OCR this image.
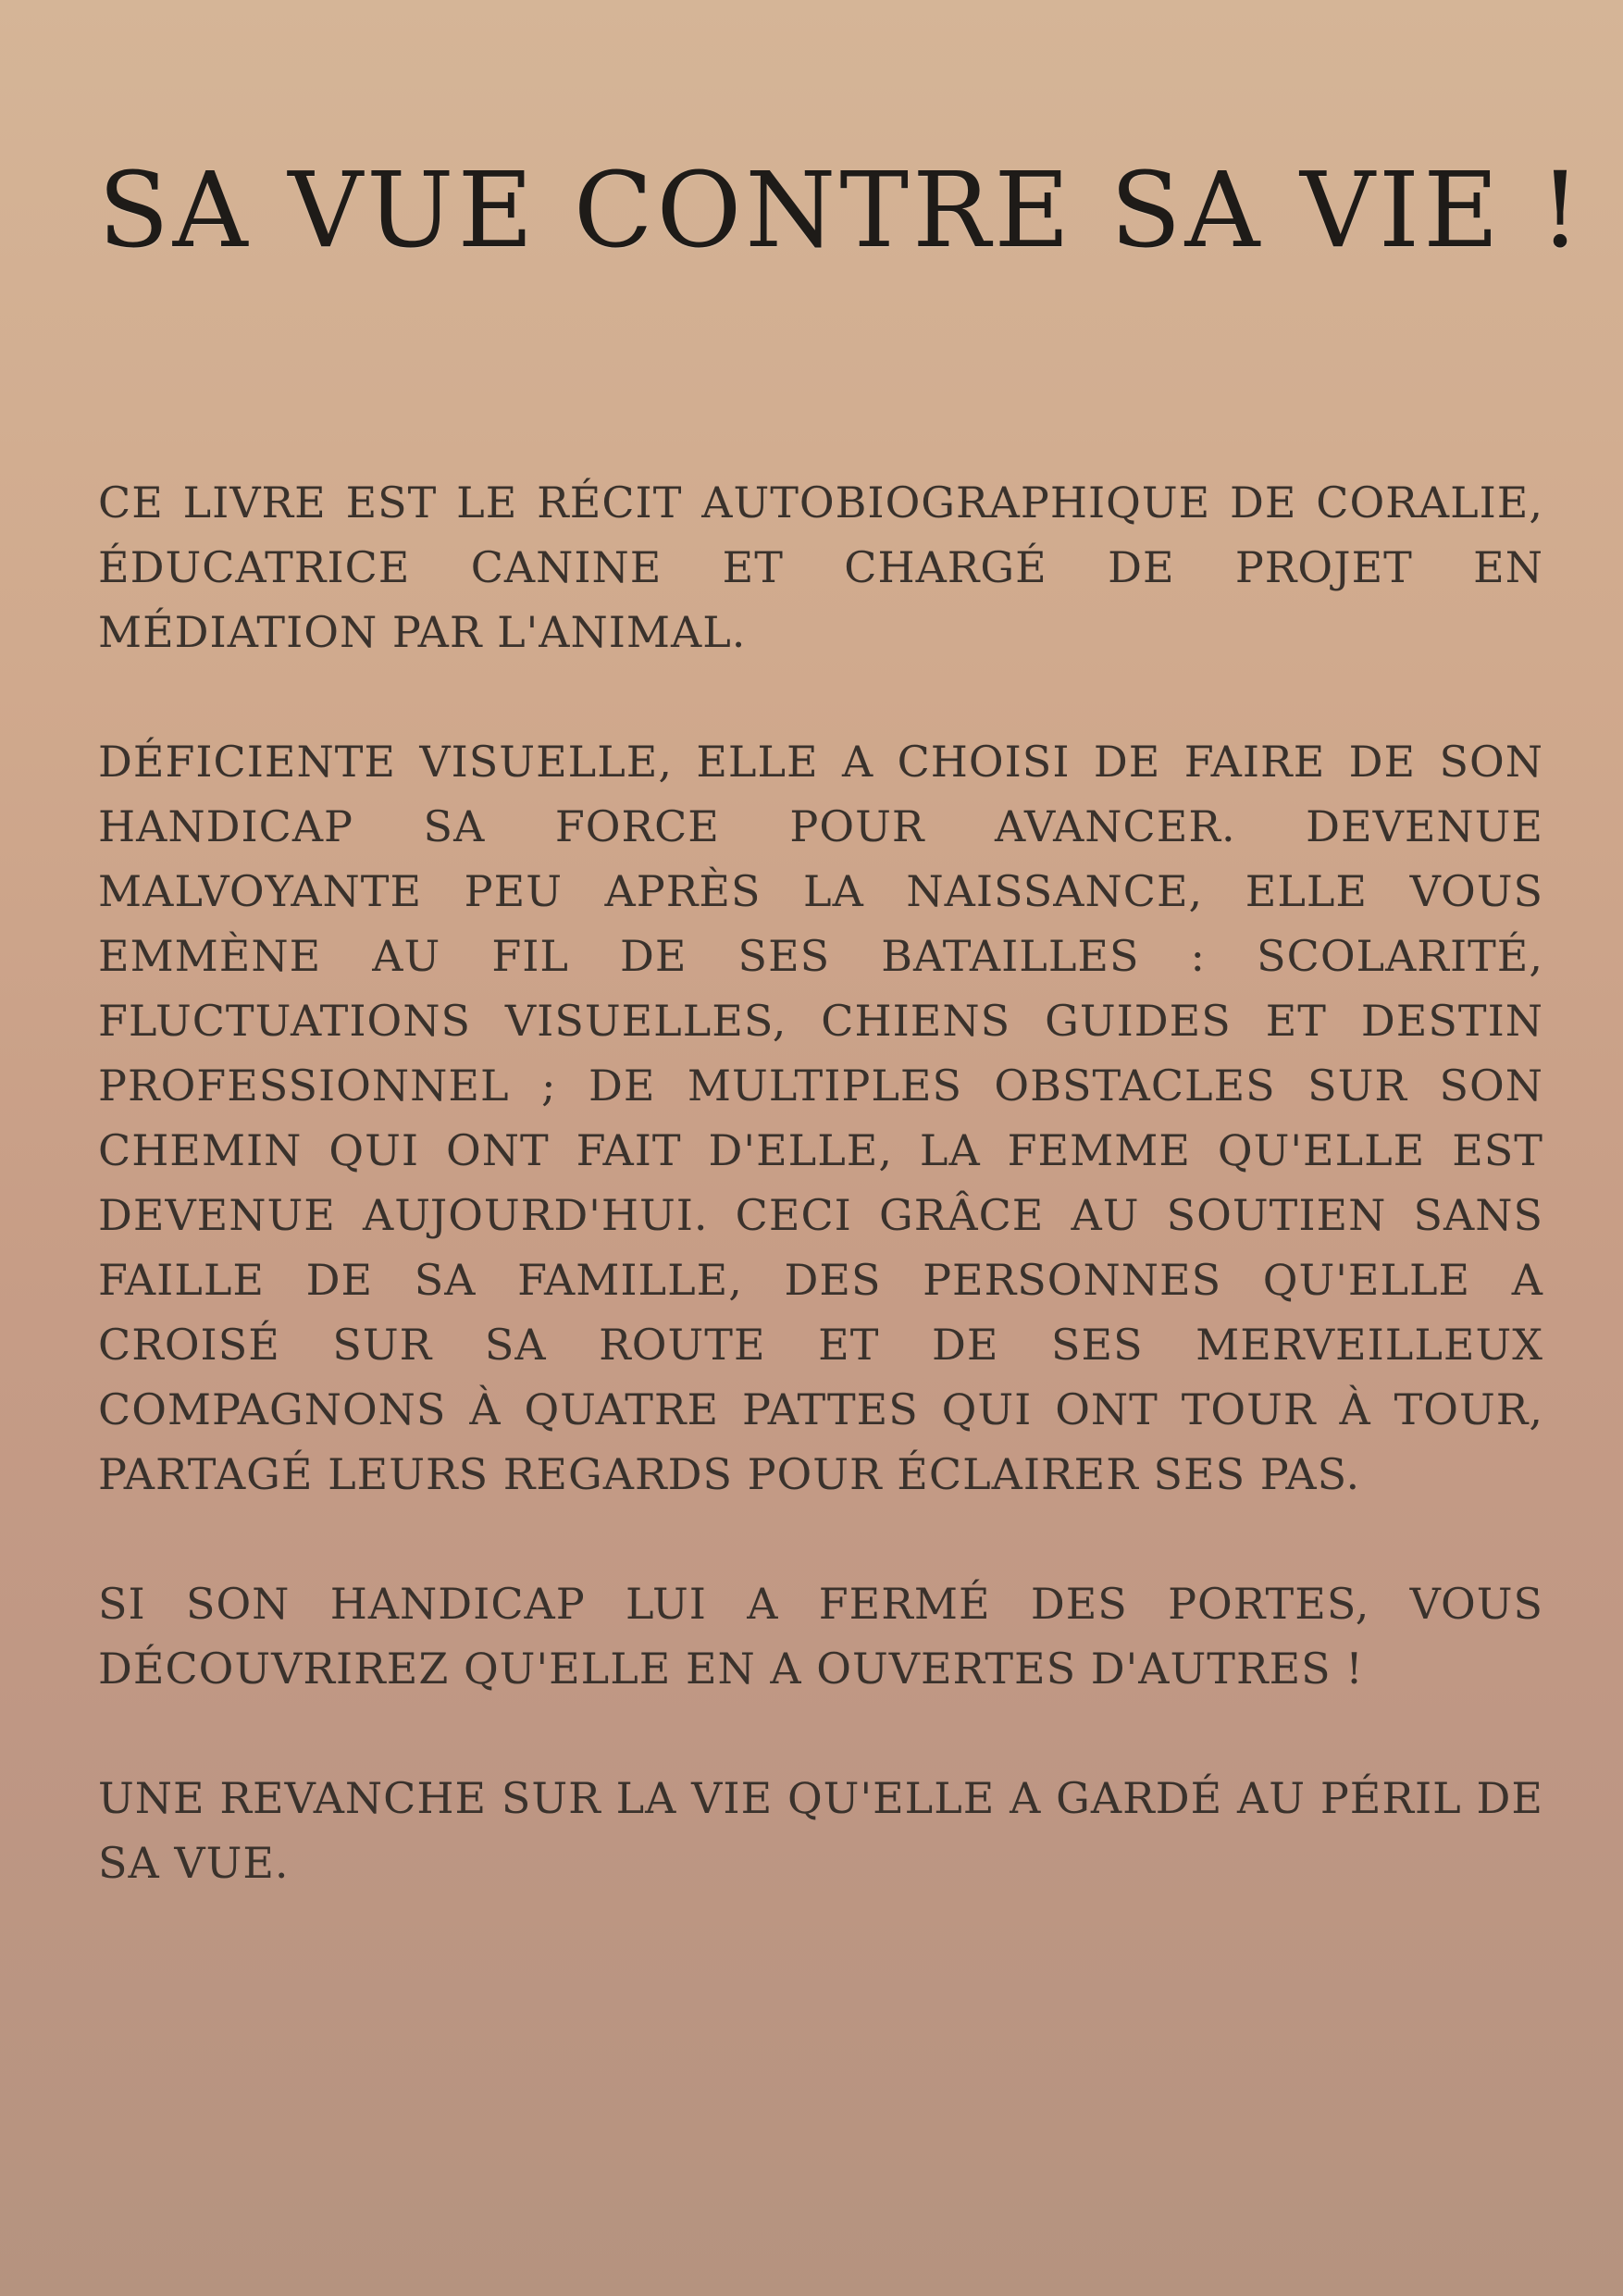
SA VUE CONTRE SA VIE !

CE LIVRE EST LE RÉCIT AUTOBIOGRAPHIQUE DE CORALIE, ÉDUCATRICE CANINE ET CHARGÉ DE PROJET EN MÉDIATION PAR L'ANIMAL.

DÉFICIENTE VISUELLE, ELLE A CHOISI DE FAIRE DE SON HANDICAP SA FORCE POUR AVANCER. DEVENUE MALVOYANTE PEU APRÈS LA NAISSANCE, ELLE VOUS EMMÈNE AU FIL DE SES BATAILLES : SCOLARITÉ, FLUCTUATIONS VISUELLES, CHIENS GUIDES ET DESTIN PROFESSIONNEL ; DE MULTIPLES OBSTACLES SUR SON CHEMIN QUI ONT FAIT D'ELLE, LA FEMME QU'ELLE EST DEVENUE AUJOURD'HUI. CECI GRÂCE AU SOUTIEN SANS FAILLE DE SA FAMILLE, DES PERSONNES QU'ELLE A CROISÉ SUR SA ROUTE ET DE SES MERVEILLEUX COMPAGNONS À QUATRE PATTES QUI ONT TOUR À TOUR, PARTAGÉ LEURS REGARDS POUR ÉCLAIRER SES PAS.

SI SON HANDICAP LUI A FERMÉ DES PORTES, VOUS DÉCOUVRIREZ QU'ELLE EN A OUVERTES D'AUTRES !

UNE REVANCHE SUR LA VIE QU'ELLE A GARDÉ AU PÉRIL DE SA VUE.
